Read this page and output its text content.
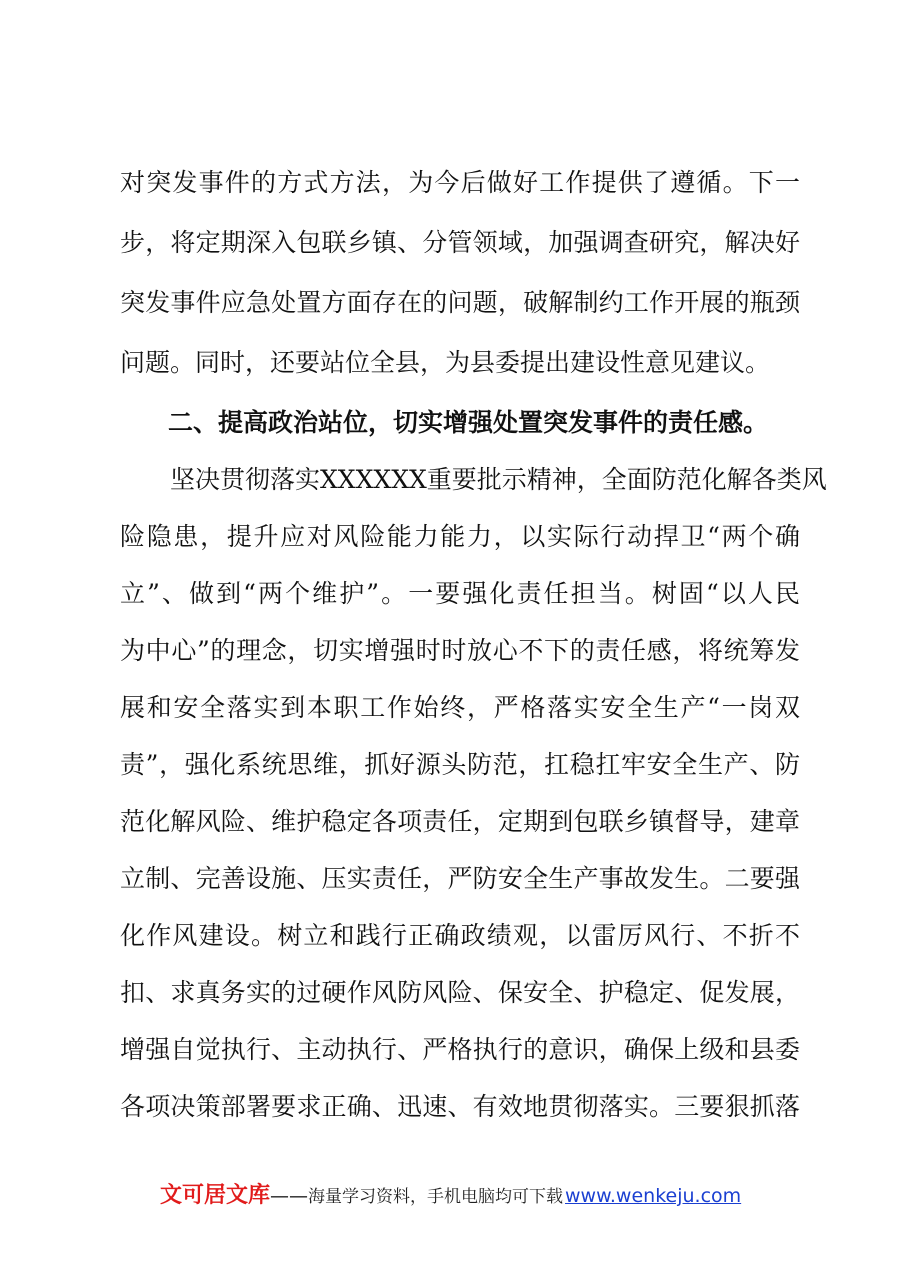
对突发事件的方式方法，为今后做好工作提供了遵循。下一
步，将定期深入包联乡镇、分管领域，加强调查研究，解决好
突发事件应急处置方面存在的问题，破解制约工作开展的瓶颈
问题。同时，还要站位全县，为县委提出建设性意见建议。
二、提高政治站位，切实增强处置突发事件的责任感。
坚决贯彻落实XXXXXX重要批示精神，全面防范化解各类风
险隐患，提升应对风险能力能力，以实际行动捍卫“两个确
立”、做到“两个维护”。一要强化责任担当。树固“以人民
为中心”的理念，切实增强时时放心不下的责任感，将统筹发
展和安全落实到本职工作始终，严格落实安全生产“一岗双
责”，强化系统思维，抓好源头防范，扛稳扛牢安全生产、防
范化解风险、维护稳定各项责任，定期到包联乡镇督导，建章
立制、完善设施、压实责任，严防安全生产事故发生。二要强
化作风建设。树立和践行正确政绩观，以雷厉风行、不折不
扣、求真务实的过硬作风防风险、保安全、护稳定、促发展，
增强自觉执行、主动执行、严格执行的意识，确保上级和县委
各项决策部署要求正确、迅速、有效地贯彻落实。三要狠抓落
文可居文库——海量学习资料，手机电脑均可下载 www.wenkeju.com
